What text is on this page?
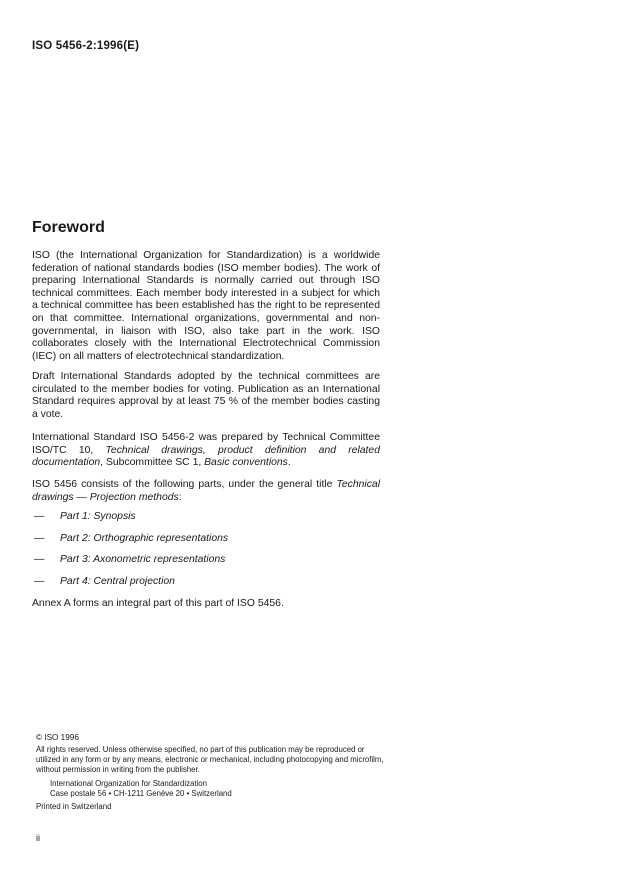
ISO 5456-2:1996(E)
Foreword

ISO (the International Organization for Standardization) is a worldwide federation of national standards bodies (ISO member bodies). The work of preparing International Standards is normally carried out through ISO technical committees. Each member body interested in a subject for which a technical committee has been established has the right to be represented on that committee. International organizations, governmental and non-governmental, in liaison with ISO, also take part in the work. ISO collaborates closely with the International Electrotechnical Commission (IEC) on all matters of electrotechnical standardization.

Draft International Standards adopted by the technical committees are circulated to the member bodies for voting. Publication as an International Standard requires approval by at least 75 % of the member bodies casting a vote.

International Standard ISO 5456-2 was prepared by Technical Committee ISO/TC 10, Technical drawings, product definition and related documentation, Subcommittee SC 1, Basic conventions.

ISO 5456 consists of the following parts, under the general title Technical drawings — Projection methods:

— Part 1: Synopsis
— Part 2: Orthographic representations
— Part 3: Axonometric representations
— Part 4: Central projection

Annex A forms an integral part of this part of ISO 5456.

© ISO 1996

All rights reserved. Unless otherwise specified, no part of this publication may be reproduced or utilized in any form or by any means, electronic or mechanical, including photocopying and microfilm, without permission in writing from the publisher.

International Organization for Standardization
Case postale 56 • CH-1211 Genève 20 • Switzerland
Printed in Switzerland
ii
